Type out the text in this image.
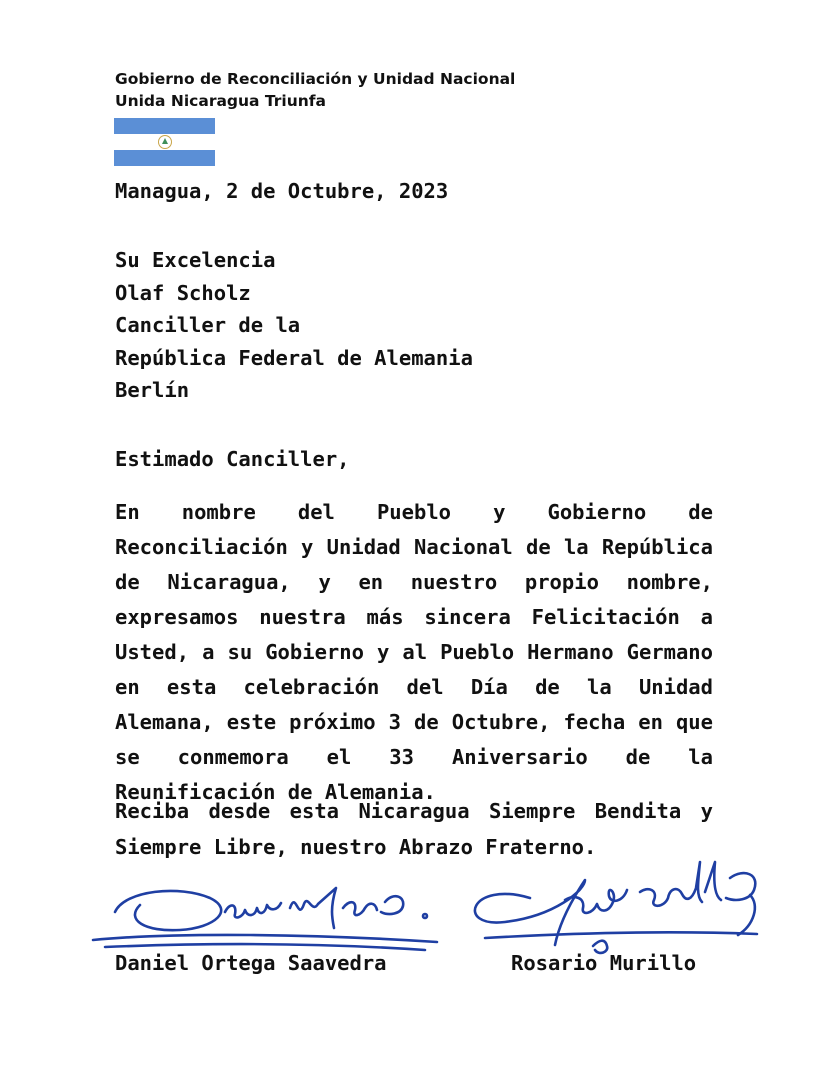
Gobierno de Reconciliación y Unidad Nacional
Unida Nicaragua Triunfa
Managua, 2 de Octubre, 2023
Su Excelencia
Olaf Scholz
Canciller de la
República Federal de Alemania
Berlín
Estimado Canciller,
En nombre del Pueblo y Gobierno de Reconciliación y Unidad Nacional de la República de Nicaragua, y en nuestro propio nombre, expresamos nuestra más sincera Felicitación a Usted, a su Gobierno y al Pueblo Hermano Germano en esta celebración del Día de la Unidad Alemana, este próximo 3 de Octubre, fecha en que se conmemora el 33 Aniversario de la Reunificación de Alemania.
Reciba desde esta Nicaragua Siempre Bendita y Siempre Libre, nuestro Abrazo Fraterno.
Daniel Ortega Saavedra	Rosario Murillo
